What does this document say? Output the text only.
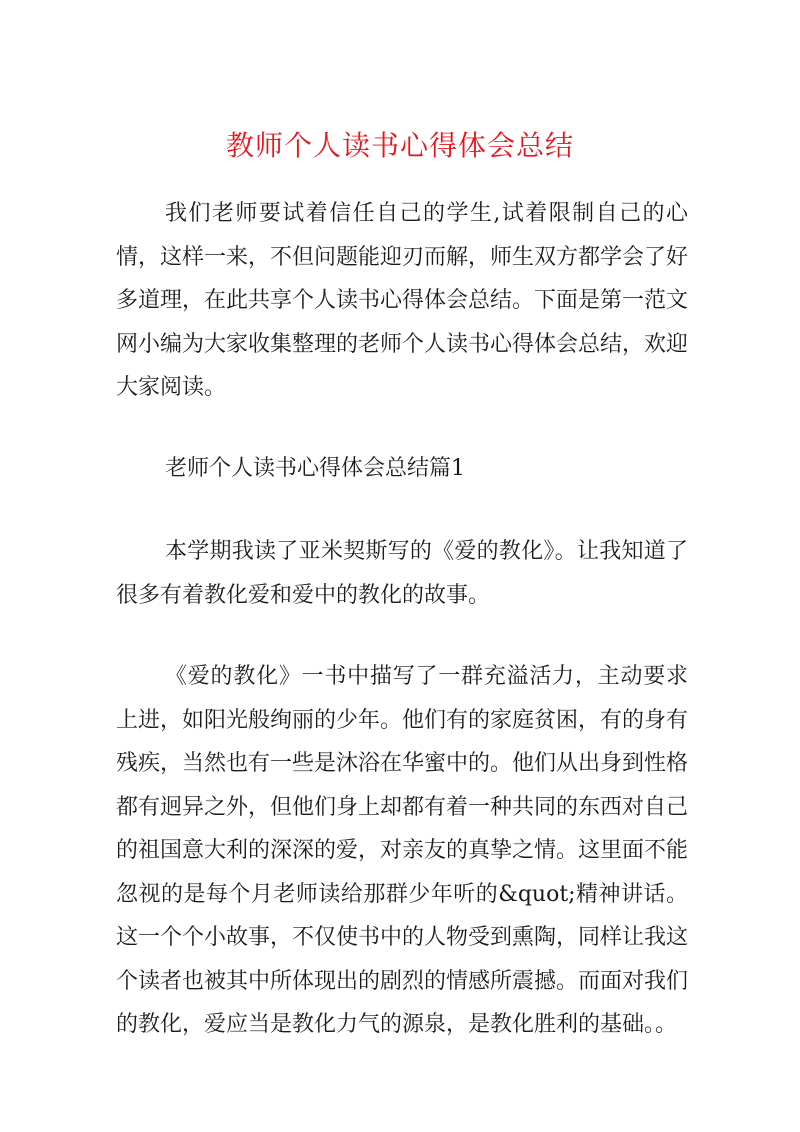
教师个人读书心得体会总结

我们老师要试着信任自己的学生,试着限制自己的心情，这样一来，不但问题能迎刃而解，师生双方都学会了好多道理，在此共享个人读书心得体会总结。下面是第一范文网小编为大家收集整理的老师个人读书心得体会总结，欢迎大家阅读。

老师个人读书心得体会总结篇1

本学期我读了亚米契斯写的《爱的教化》。让我知道了很多有着教化爱和爱中的教化的故事。

《爱的教化》一书中描写了一群充溢活力，主动要求上进，如阳光般绚丽的少年。他们有的家庭贫困，有的身有残疾，当然也有一些是沐浴在华蜜中的。他们从出身到性格都有迥异之外，但他们身上却都有着一种共同的东西对自己的祖国意大利的深深的爱，对亲友的真挚之情。这里面不能忽视的是每个月老师读给那群少年听的&quot;精神讲话。这一个个小故事，不仅使书中的人物受到熏陶，同样让我这个读者也被其中所体现出的剧烈的情感所震撼。而面对我们的教化，爱应当是教化力气的源泉，是教化胜利的基础。。
